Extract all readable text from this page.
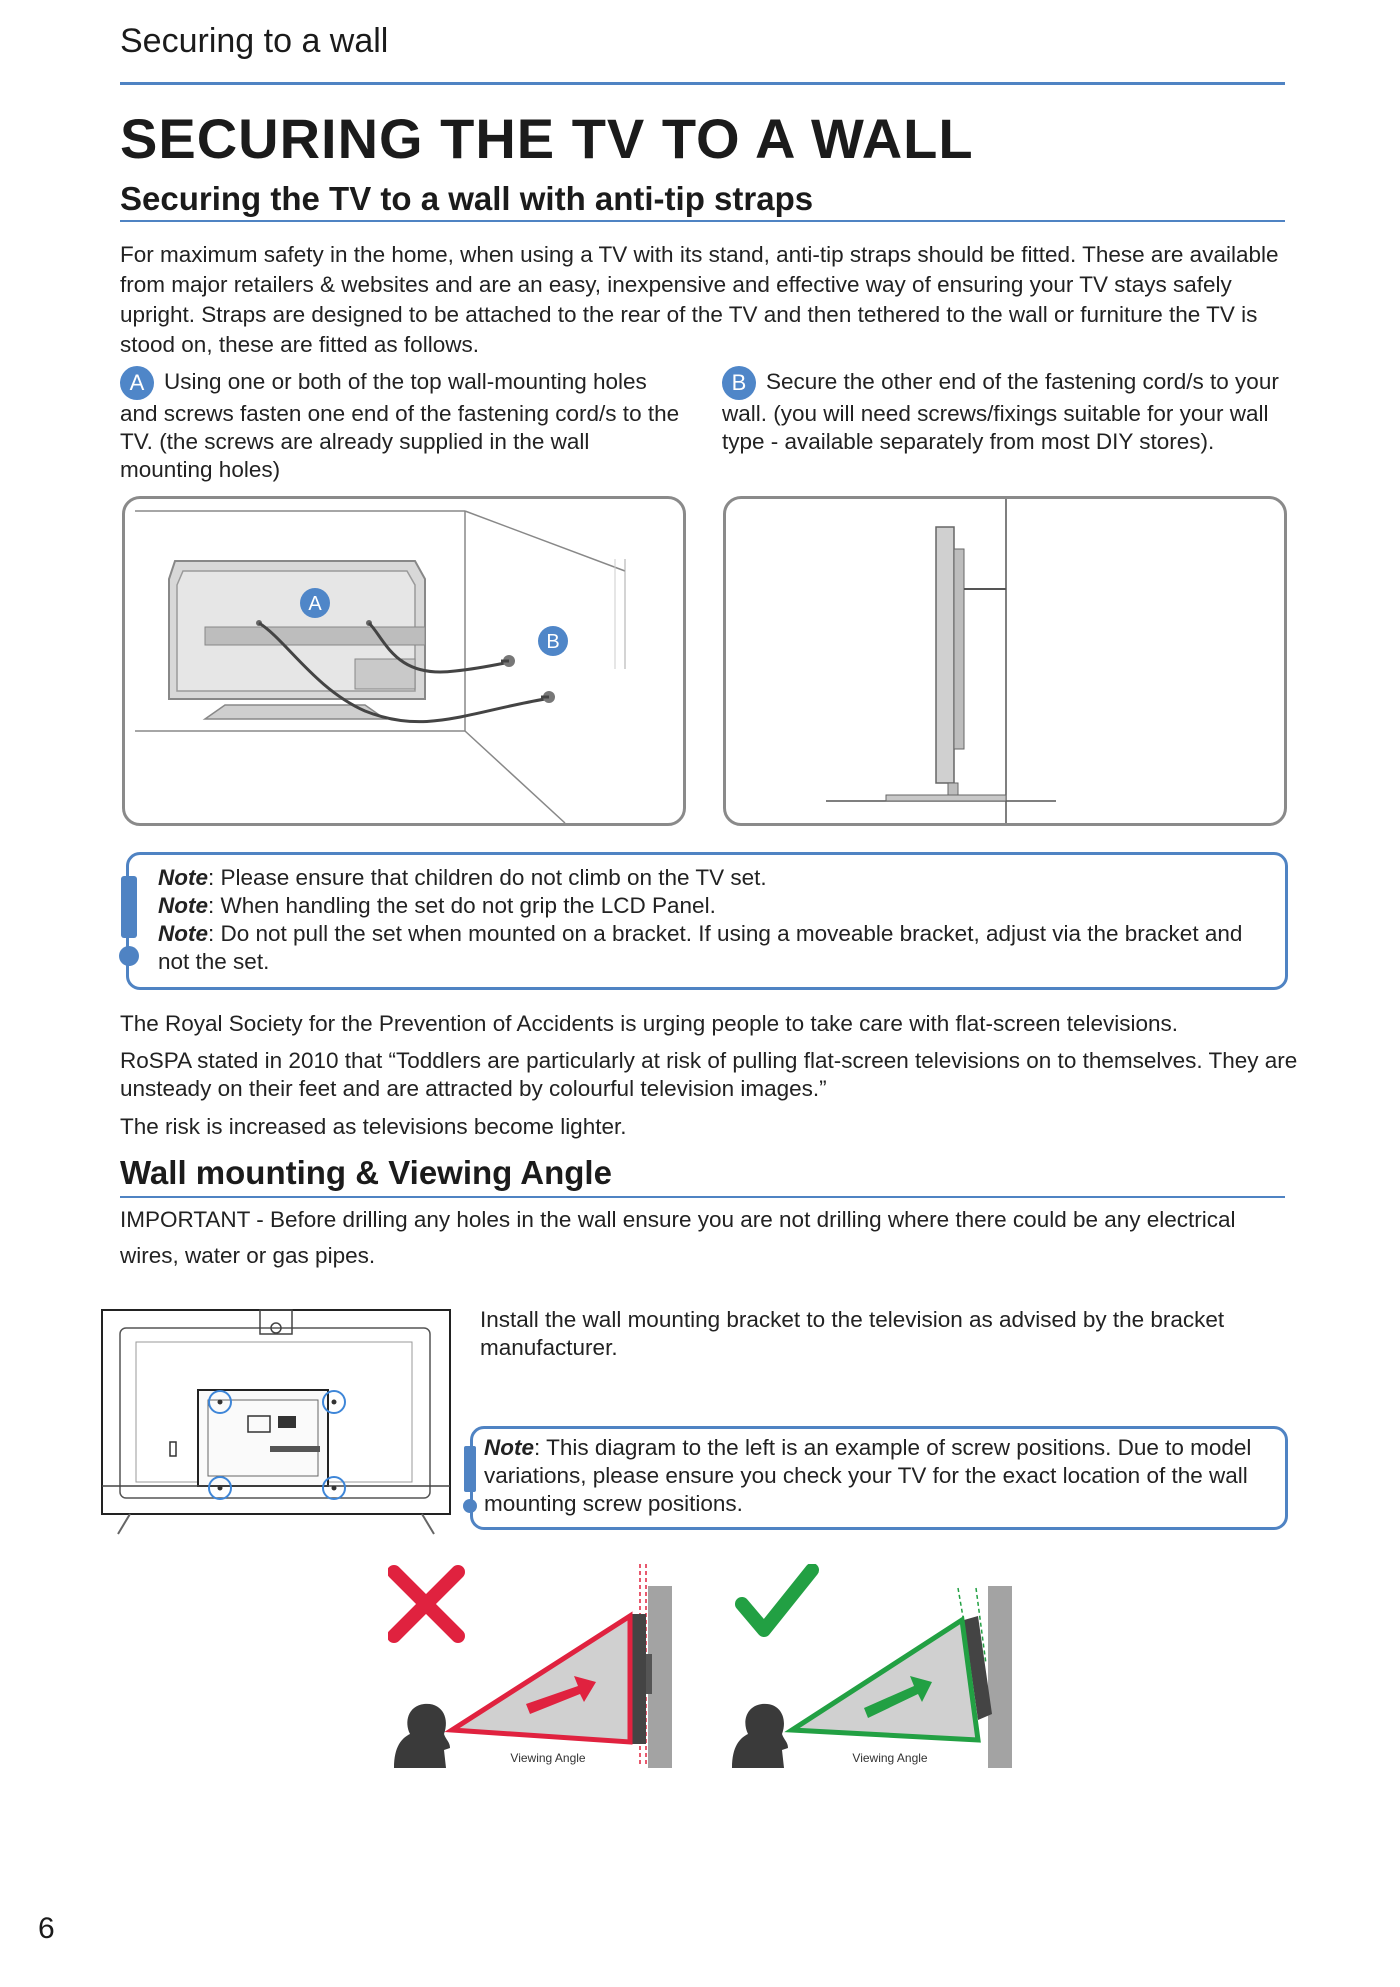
Securing to a wall

SECURING THE TV TO A WALL
Securing the TV to a wall with anti-tip straps

For maximum safety in the home, when using a TV with its stand, anti-tip straps should be fitted. These are available from major retailers & websites and are an easy, inexpensive and effective way of ensuring your TV stays safely upright. Straps are designed to be attached to the rear of the TV and then tethered to the wall or furniture the TV is stood on, these are fitted as follows.

A Using one or both of the top wall-mounting holes and screws fasten one end of the fastening cord/s to the TV. (the screws are already supplied in the wall mounting holes)
B Secure the other end of the fastening cord/s to your wall. (you will need screws/fixings suitable for your wall type - available separately from most DIY stores).
A
B
Note: Please ensure that children do not climb on the TV set.
Note: When handling the set do not grip the LCD Panel.
Note: Do not pull the set when mounted on a bracket. If using a moveable bracket, adjust via the bracket and not the set.

The Royal Society for the Prevention of Accidents is urging people to take care with flat-screen televisions.

RoSPA stated in 2010 that “Toddlers are particularly at risk of pulling flat-screen televisions on to themselves. They are unsteady on their feet and are attracted by colourful television images.”

The risk is increased as televisions become lighter.

Wall mounting & Viewing Angle

IMPORTANT - Before drilling any holes in the wall ensure you are not drilling where there could be any electrical wires, water or gas pipes.

Install the wall mounting bracket to the television as advised by the bracket manufacturer.

Note: This diagram to the left is an example of screw positions. Due to model variations, please ensure you check your TV for the exact location of the wall mounting screw positions.
Viewing Angle	Viewing Angle

6
